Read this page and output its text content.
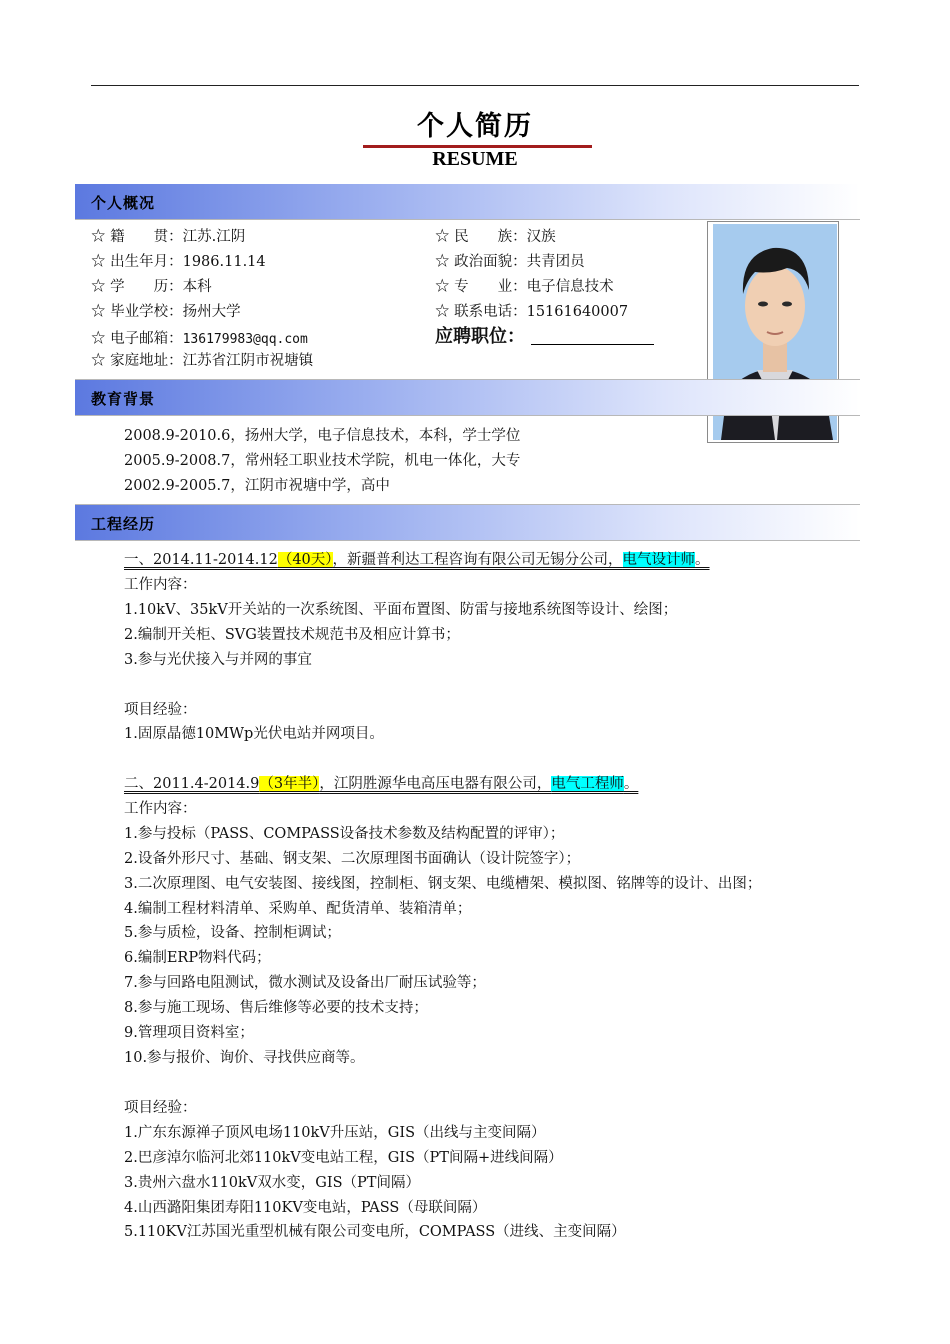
个人简历
RESUME
个人概况
☆ 籍　　贯：江苏.江阴
☆ 出生年月：1986.11.14
☆ 学　　历：本科
☆ 毕业学校：扬州大学
☆ 电子邮箱：136179983@qq.com
☆ 家庭地址：江苏省江阴市祝塘镇
☆ 民　　族：汉族
☆ 政治面貌：共青团员
☆ 专　　业：电子信息技术
☆ 联系电话：15161640007
应聘职位：
教育背景
2008.9-2010.6，扬州大学，电子信息技术，本科，学士学位
2005.9-2008.7，常州轻工职业技术学院，机电一体化，大专
2002.9-2005.7，江阴市祝塘中学，高中
工程经历
一、2014.11-2014.12（40天），新疆普利达工程咨询有限公司无锡分公司，电气设计师。
工作内容：
1.10kV、35kV开关站的一次系统图、平面布置图、防雷与接地系统图等设计、绘图；
2.编制开关柜、SVG装置技术规范书及相应计算书；
3.参与光伏接入与并网的事宜
项目经验：
1.固原晶德10MWp光伏电站并网项目。
二、2011.4-2014.9（3年半），江阴胜源华电高压电器有限公司，电气工程师。
工作内容：
1.参与投标（PASS、COMPASS设备技术参数及结构配置的评审）；
2.设备外形尺寸、基础、钢支架、二次原理图书面确认（设计院签字）；
3.二次原理图、电气安装图、接线图，控制柜、钢支架、电缆槽架、模拟图、铭牌等的设计、出图；
4.编制工程材料清单、采购单、配货清单、装箱清单；
5.参与质检，设备、控制柜调试；
6.编制ERP物料代码；
7.参与回路电阻测试，微水测试及设备出厂耐压试验等；
8.参与施工现场、售后维修等必要的技术支持；
9.管理项目资料室；
10.参与报价、询价、寻找供应商等。
项目经验：
1.广东东源禅子顶风电场110kV升压站，GIS（出线与主变间隔）
2.巴彦淖尔临河北郊110kV变电站工程，GIS（PT间隔+进线间隔）
3.贵州六盘水110kV双水变，GIS（PT间隔）
4.山西潞阳集团寿阳110KV变电站，PASS（母联间隔）
5.110KV江苏国光重型机械有限公司变电所，COMPASS（进线、主变间隔）
